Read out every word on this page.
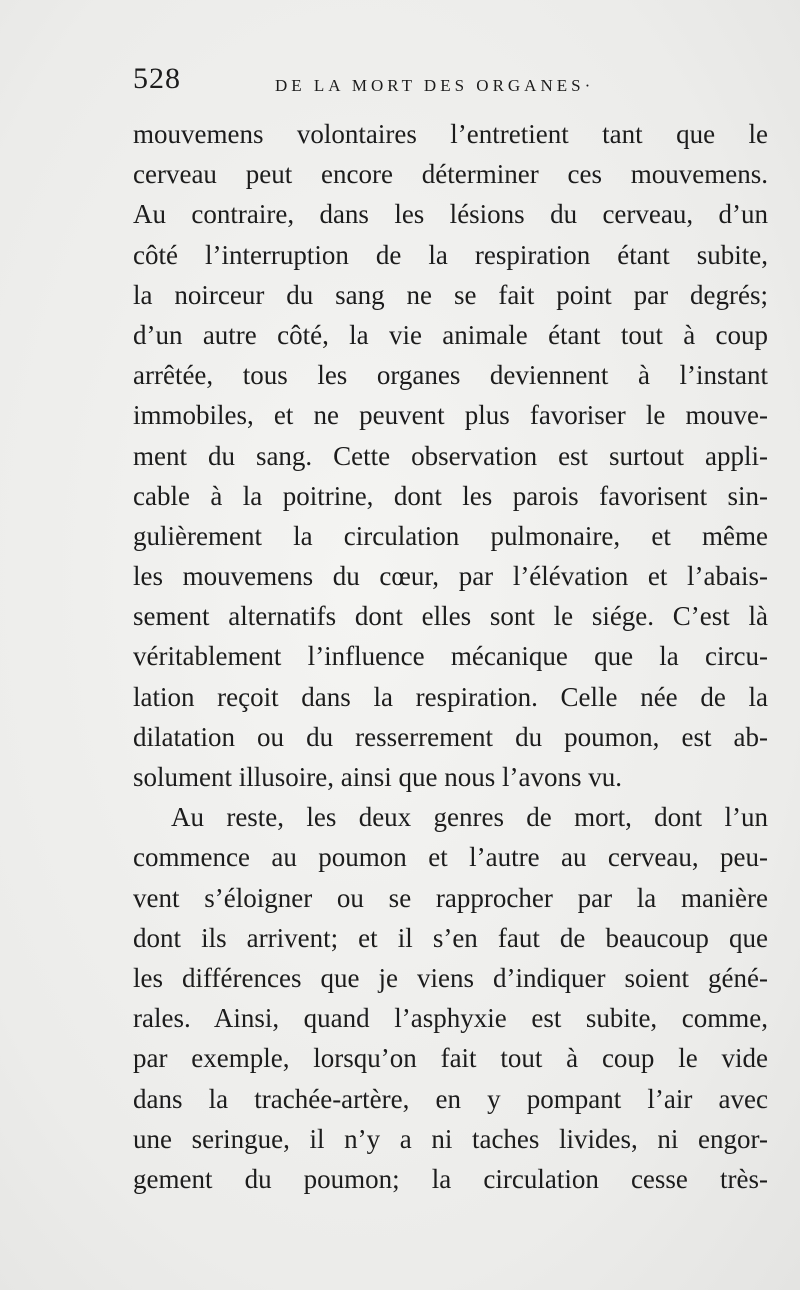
528	DE LA MORT DES ORGANES·
mouvemens volontaires l’entretient tant que le
cerveau peut encore déterminer ces mouvemens.
Au contraire, dans les lésions du cerveau, d’un
côté l’interruption de la respiration étant subite,
la noirceur du sang ne se fait point par degrés;
d’un autre côté, la vie animale étant tout à coup
arrêtée, tous les organes deviennent à l’instant
immobiles, et ne peuvent plus favoriser le mouve-
ment du sang. Cette observation est surtout appli-
cable à la poitrine, dont les parois favorisent sin-
gulièrement la circulation pulmonaire, et même
les mouvemens du cœur, par l’élévation et l’abais-
sement alternatifs dont elles sont le siége. C’est là
véritablement l’influence mécanique que la circu-
lation reçoit dans la respiration. Celle née de la
dilatation ou du resserrement du poumon, est ab-
solument illusoire, ainsi que nous l’avons vu.
Au reste, les deux genres de mort, dont l’un
commence au poumon et l’autre au cerveau, peu-
vent s’éloigner ou se rapprocher par la manière
dont ils arrivent; et il s’en faut de beaucoup que
les différences que je viens d’indiquer soient géné-
rales. Ainsi, quand l’asphyxie est subite, comme,
par exemple, lorsqu’on fait tout à coup le vide
dans la trachée-artère, en y pompant l’air avec
une seringue, il n’y a ni taches livides, ni engor-
gement du poumon; la circulation cesse très-
